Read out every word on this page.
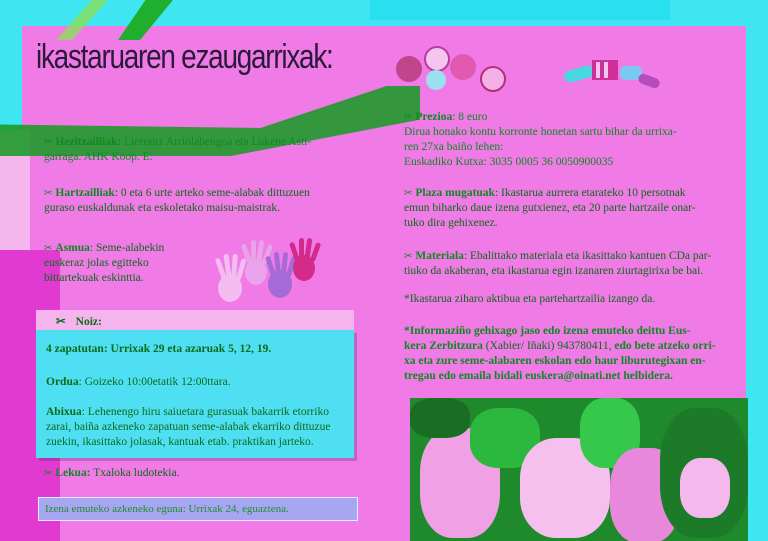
ikastaruaren ezaugarrixak:

✂ Hezitzailliak: Lierraitz Arriolabengoa eta Lukene Asti-
garraga. AHK Koop. E.

✂ Hartzailliak: 0 eta 6 urte arteko seme-alabak dittuzuen
guraso euskaldunak eta eskoletako maisu-maistrak.

✂ Asmua: Seme-alabekin
euskeraz jolas egitteko
bittartekuak eskinttia.

✂ Noiz:

4 zapatutan: Urrixak 29 eta azaruak 5, 12, 19.

Ordua: Goizeko 10:00etatik 12:00ttara.

Abixua: Lehenengo hiru saiuetara gurasuak bakarrik etorriko
zarai, baiña azkeneko zapatuan seme-alabak ekarriko dittuzue
zuekin, ikasittako jolasak, kantuak etab. praktikan jarteko.

✂ Lekua: Txaloka ludotekia.

Izena emuteko azkeneko eguna: Urrixak 24, eguaztena.

✂ Prezioa: 8 euro
Dirua honako kontu korronte honetan sartu bihar da urrixa-
ren 27xa baiño lehen:
Euskadiko Kutxa: 3035 0005 36 0050900035

✂ Plaza mugatuak: Ikastarua aurrera etarateko 10 persotnak
emun biharko daue izena gutxienez, eta 20 parte hartzaile onar-
tuko dira gehixenez.

✂ Materiala: Ebalittako materiala eta ikasittako kantuen CDa par-
tiuko da akaberan, eta ikastarua egin izanaren ziurtagirixa be bai.

*Ikastarua ziharo aktibua eta partehartzailia izango da.

*Informaziño gehixago jaso edo izena emuteko deittu Eus-
kera Zerbitzura (Xabier/ Iñaki) 943780411, edo bete atzeko orri-
xa eta zure seme-alabaren eskolan edo haur liburutegixan en-
tregau edo emaila bidali euskera@oinati.net helbidera.
